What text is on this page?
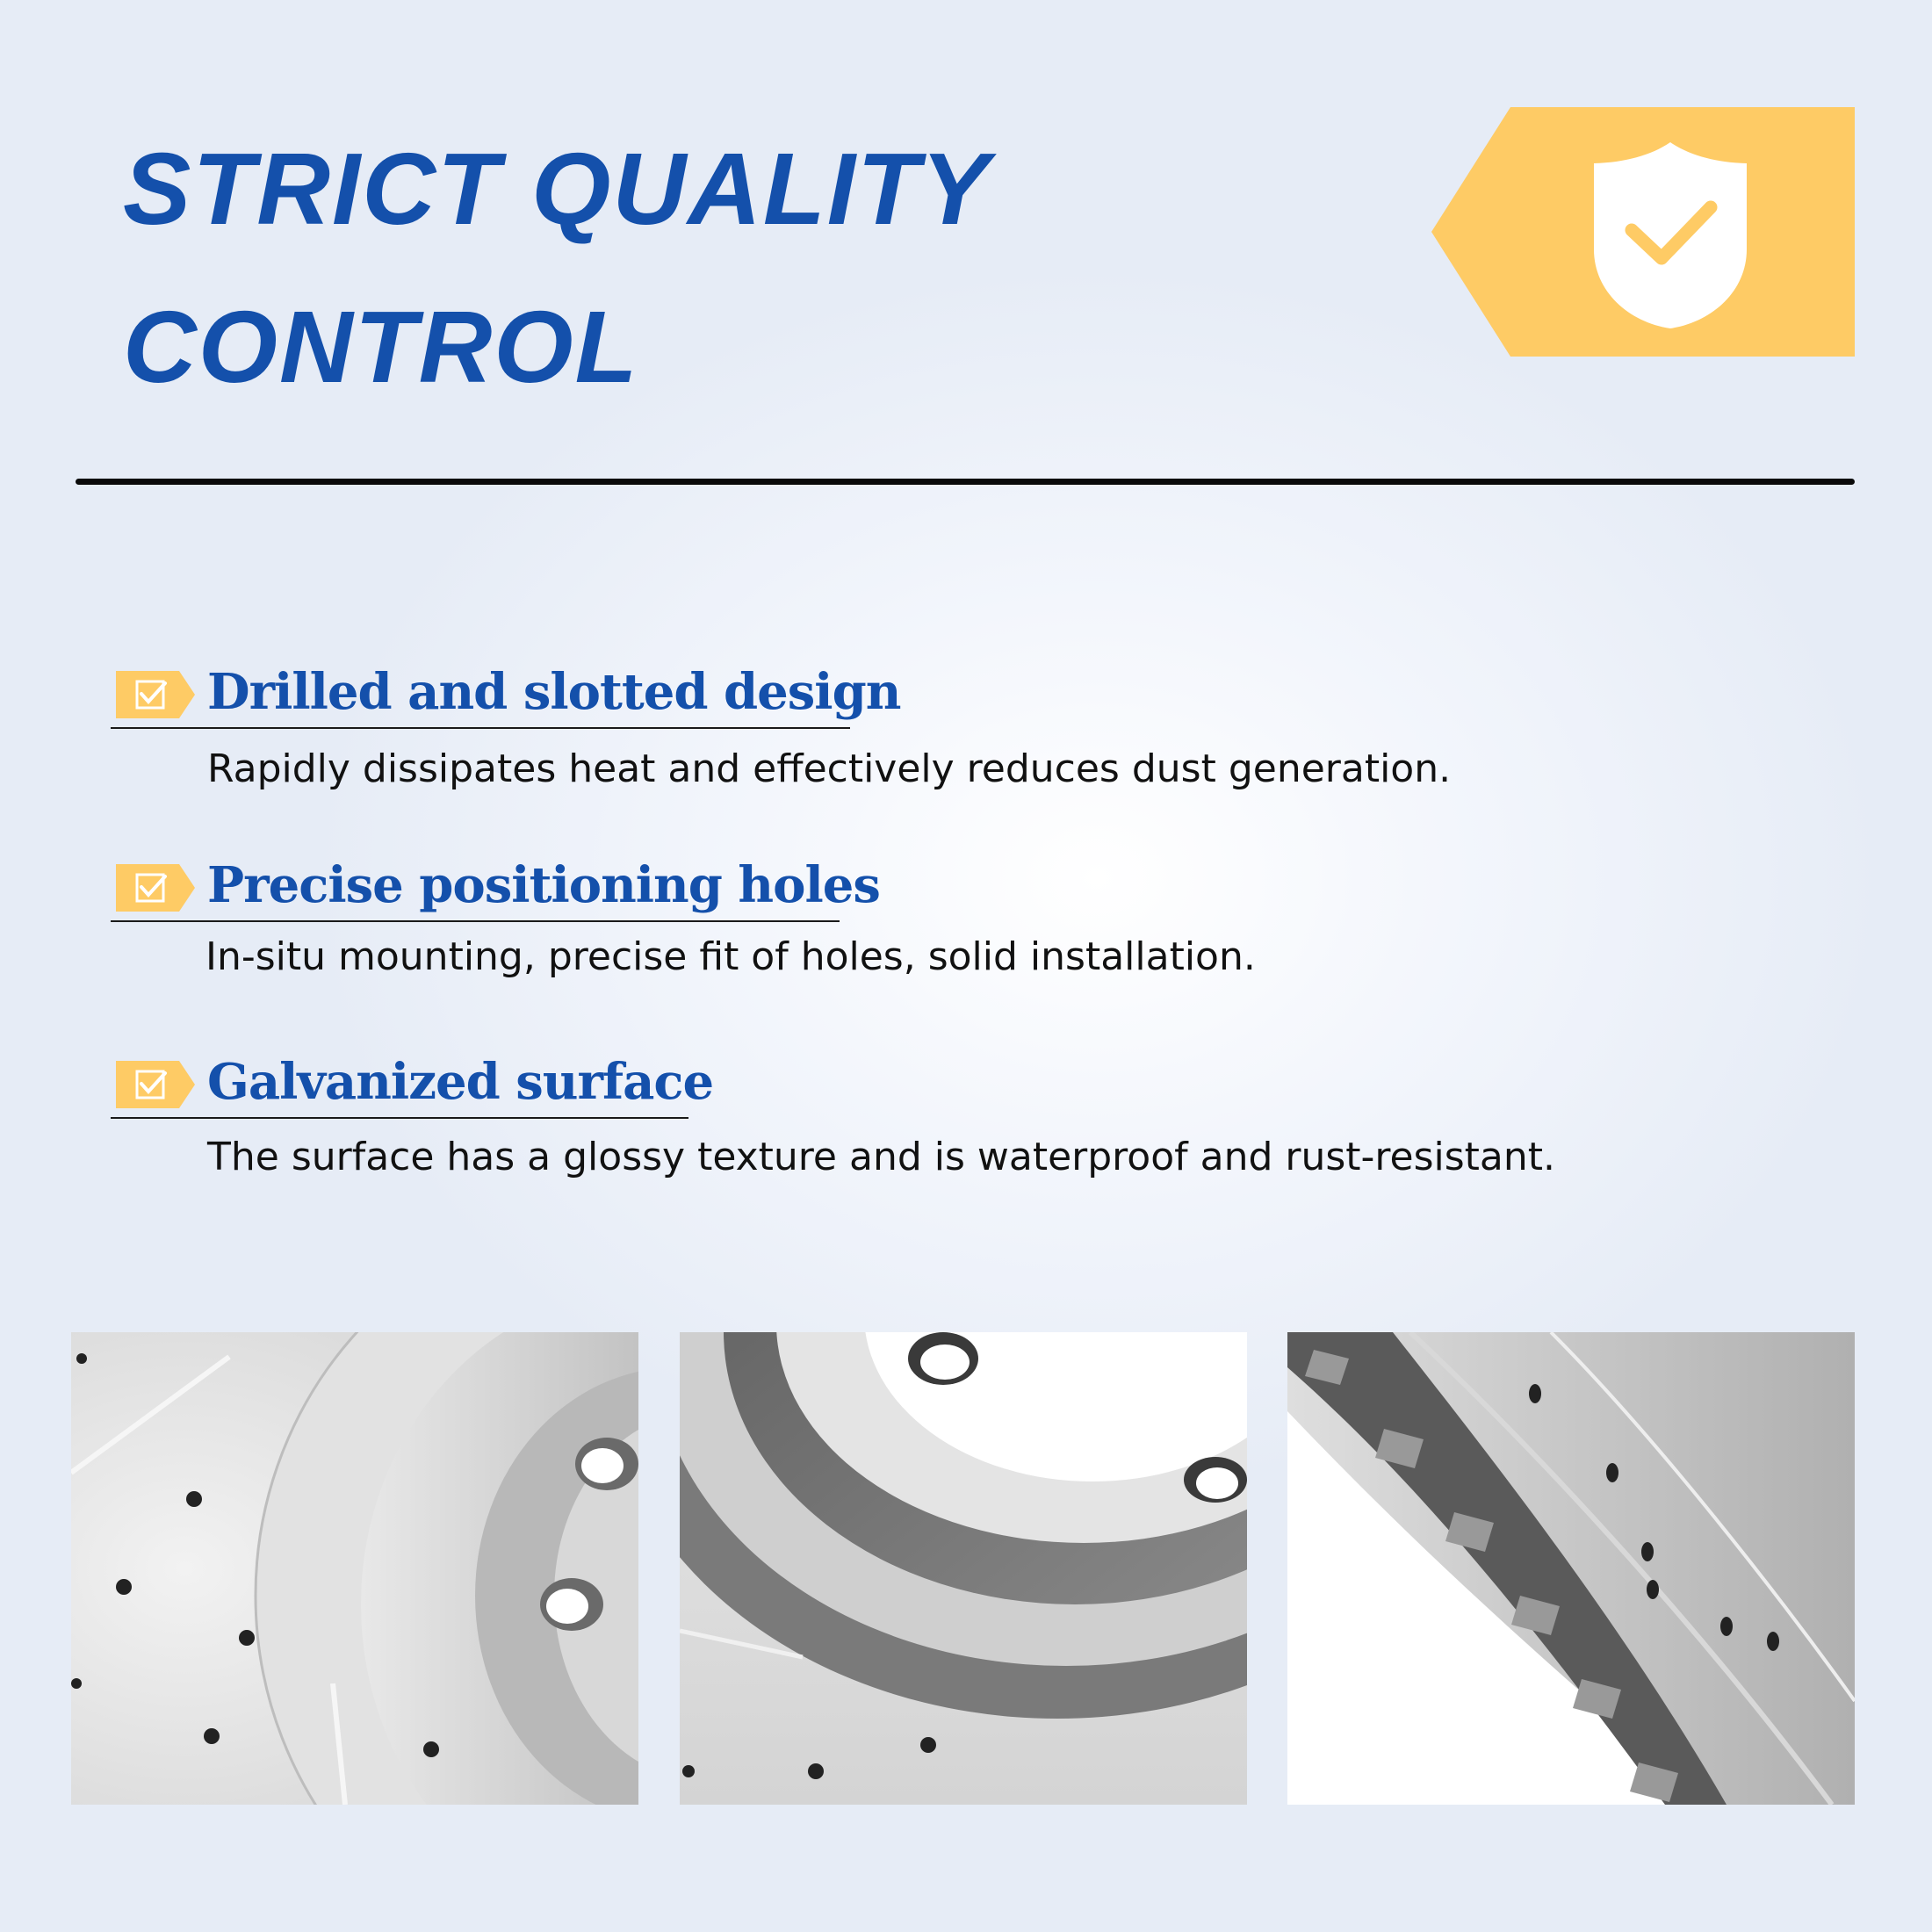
STRICT QUALITY
CONTROL
Drilled and slotted design

Rapidly dissipates heat and effectively reduces dust generation.

Precise positioning holes

In-situ mounting, precise fit of holes, solid installation.

Galvanized surface

The surface has a glossy texture and is waterproof and rust-resistant.
